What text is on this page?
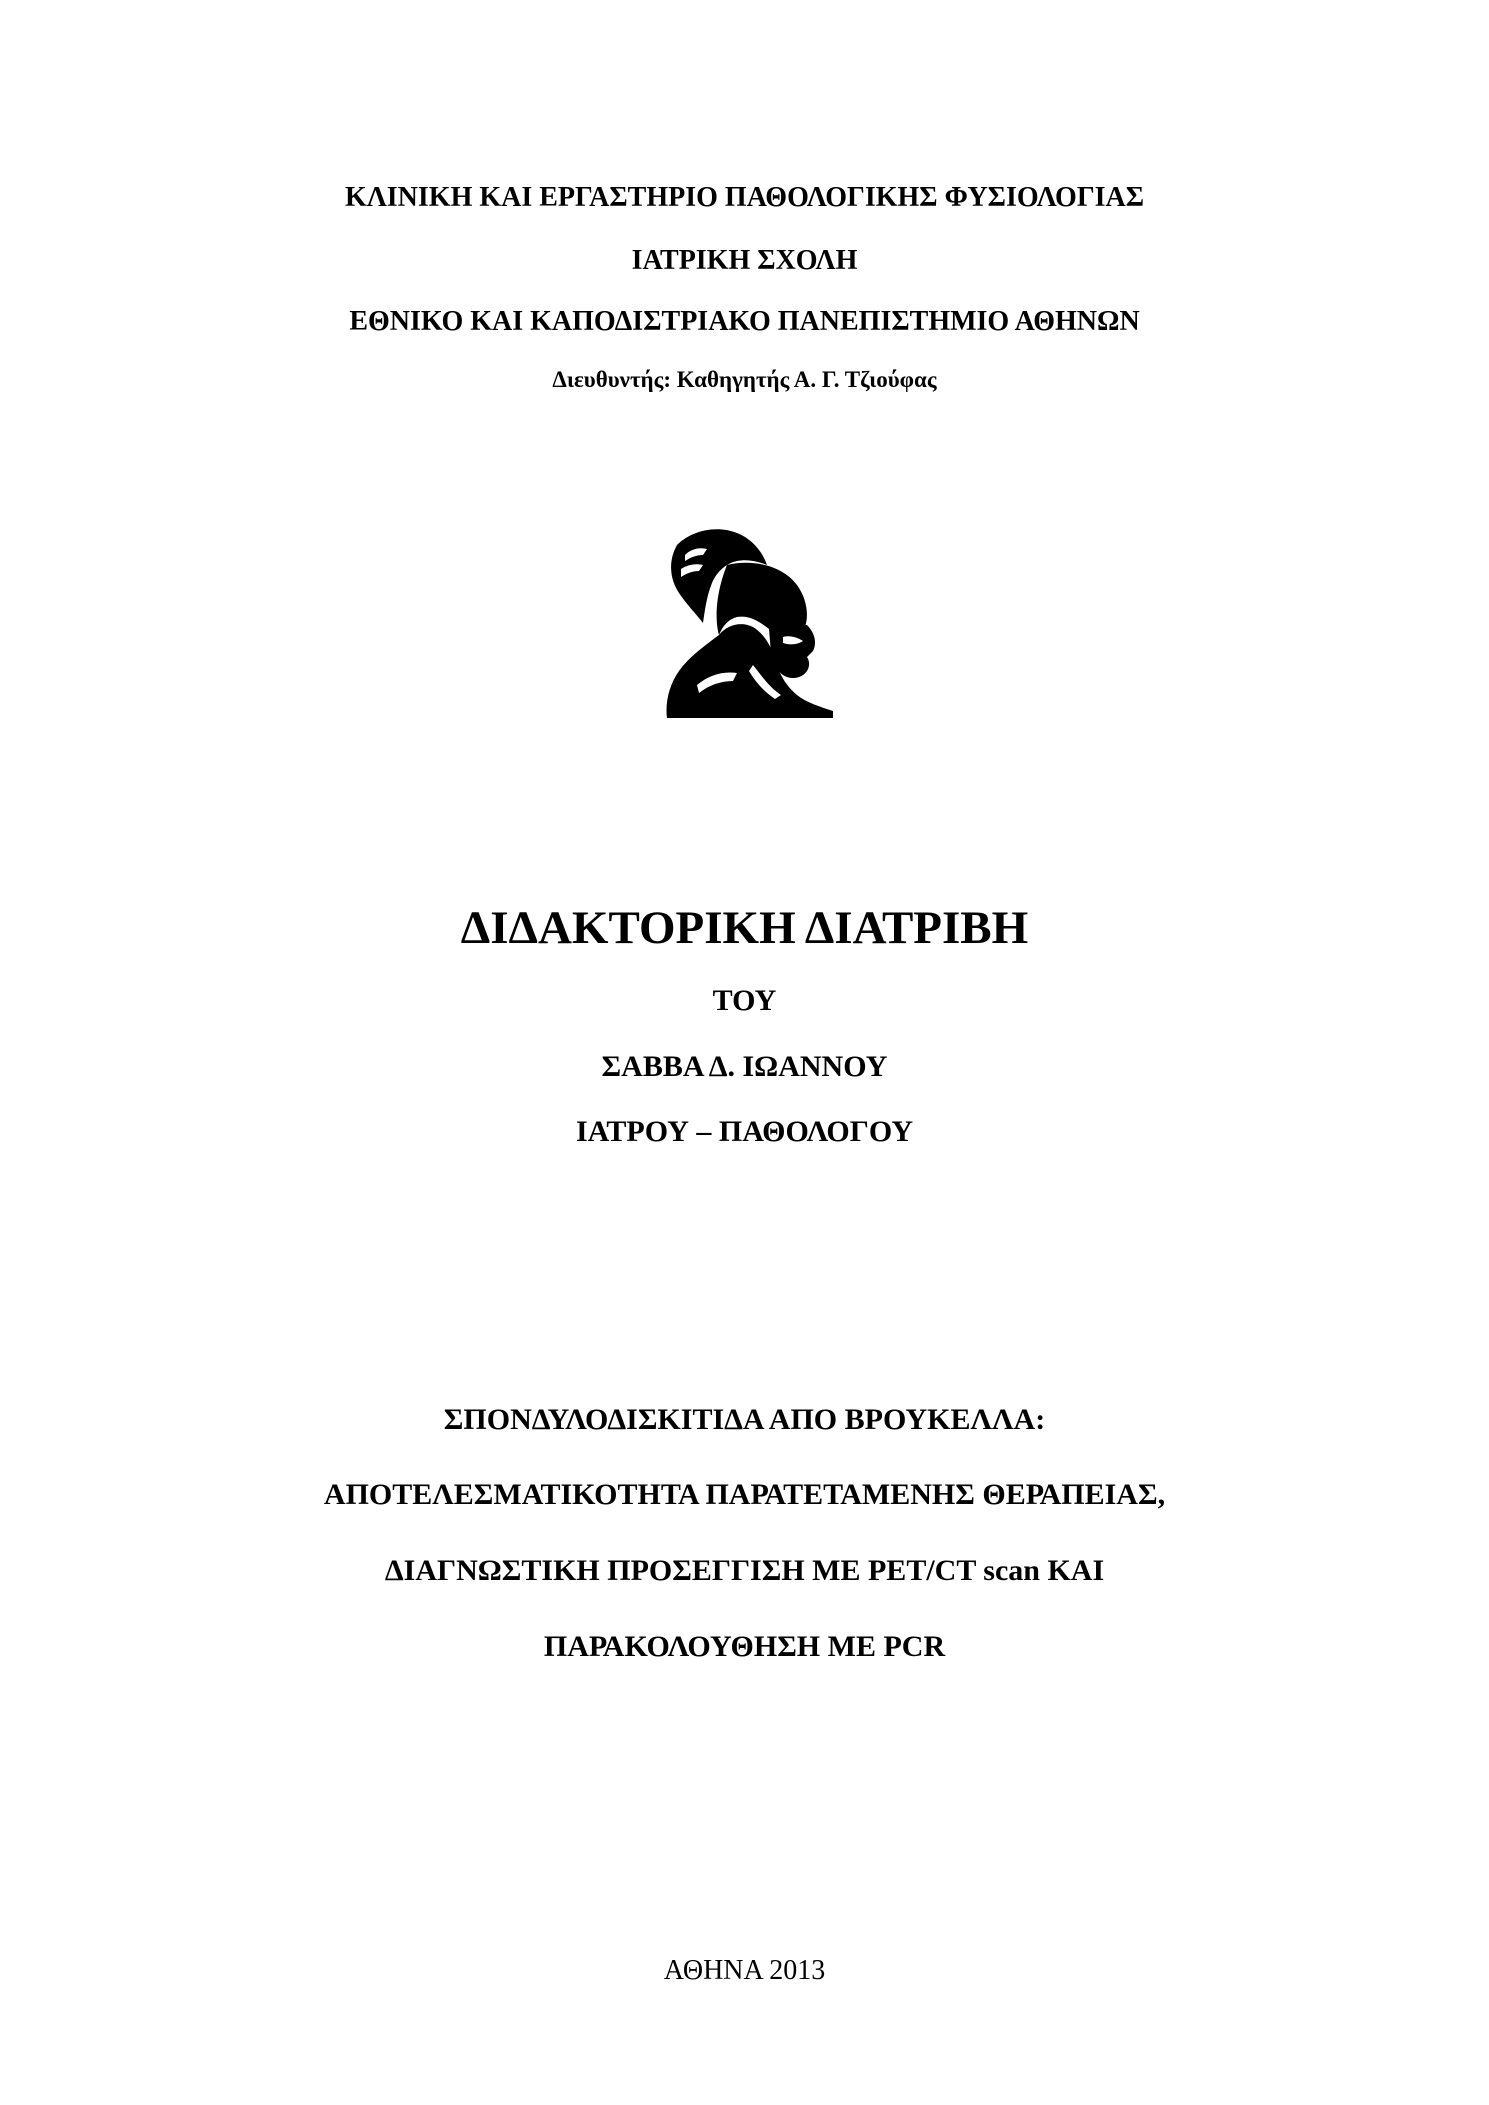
ΚΛΙΝΙΚΗ ΚΑΙ ΕΡΓΑΣΤΗΡΙΟ ΠΑΘΟΛΟΓΙΚΗΣ ΦΥΣΙΟΛΟΓΙΑΣ
ΙΑΤΡΙΚΗ ΣΧΟΛΗ
ΕΘΝΙΚΟ ΚΑΙ ΚΑΠΟΔΙΣΤΡΙΑΚΟ ΠΑΝΕΠΙΣΤΗΜΙΟ ΑΘΗΝΩΝ
Διευθυντής: Καθηγητής Α. Γ. Τζιούφας
ΔΙΔΑΚΤΟΡΙΚΗ ΔΙΑΤΡΙΒΗ
ΤΟΥ
ΣΑΒΒΑ Δ. ΙΩΑΝΝΟΥ
ΙΑΤΡΟΥ – ΠΑΘΟΛΟΓΟΥ
ΣΠΟΝΔΥΛΟΔΙΣΚΙΤΙΔΑ ΑΠΟ ΒΡΟΥΚΕΛΛΑ:
ΑΠΟΤΕΛΕΣΜΑΤΙΚΟΤΗΤΑ ΠΑΡΑΤΕΤΑΜΕΝΗΣ ΘΕΡΑΠΕΙΑΣ,
ΔΙΑΓΝΩΣΤΙΚΗ ΠΡΟΣΕΓΓΙΣΗ ΜΕ PET/CT scan ΚΑΙ
ΠΑΡΑΚΟΛΟΥΘΗΣΗ ΜΕ PCR
ΑΘΗΝΑ 2013
